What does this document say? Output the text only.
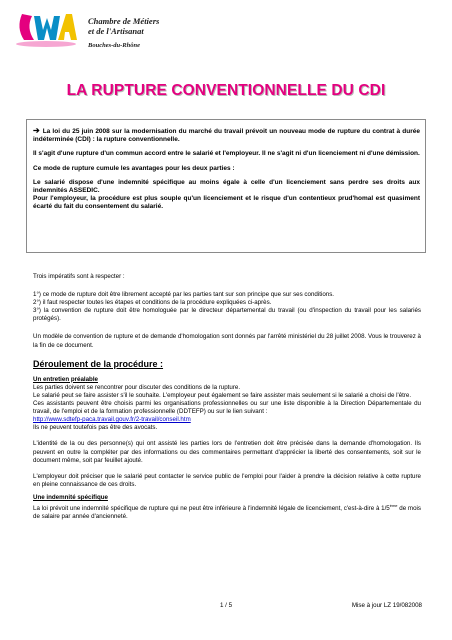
Chambre de Métiers
et de l'Artisanat
Bouches-du-Rhône
LA RUPTURE CONVENTIONNELLE DU CDI

➔ La loi du 25 juin 2008 sur la modernisation du marché du travail prévoit un nouveau mode de rupture du contrat à durée indéterminée (CDI) : la rupture conventionnelle.

Il s'agit d'une rupture d'un commun accord entre le salarié et l'employeur. Il ne s'agit ni d'un licenciement ni d'une démission.

Ce mode de rupture cumule les avantages pour les deux parties :

Le salarié dispose d'une indemnité spécifique au moins égale à celle d'un licenciement sans perdre ses droits aux indemnités ASSEDIC.

Pour l'employeur, la procédure est plus souple qu'un licenciement et le risque d'un contentieux prud'homal est quasiment écarté du fait du consentement du salarié.

Trois impératifs sont à respecter :

1°) ce mode de rupture doit être librement accepté par les parties tant sur son principe que sur ses conditions.

2°) il faut respecter toutes les étapes et conditions de la procédure expliquées ci-après.

3°) la convention de rupture doit être homologuée par le directeur départemental du travail (ou d'inspection du travail pour les salariés protégés).

Un modèle de convention de rupture et de demande d'homologation sont donnés par l'arrêté ministériel du 28 juillet 2008. Vous le trouverez à la fin de ce document.

Déroulement de la procédure :

Un entretien préalable
Les parties doivent se rencontrer pour discuter des conditions de la rupture.
Le salarié peut se faire assister s'il le souhaite. L'employeur peut également se faire assister mais seulement si le salarié a choisi de l'être.
Ces assistants peuvent être choisis parmi les organisations professionnelles ou sur une liste disponible à la Direction Départementale du travail, de l'emploi et de la formation professionnelle (DDTEFP) ou sur le lien suivant :
http://www.sdtefp-paca.travail.gouv.fr/2-travail/conseil.htm
Ils ne peuvent toutefois pas être des avocats.

L'identité de la ou des personne(s) qui ont assisté les parties lors de l'entretien doit être précisée dans la demande d'homologation. Ils peuvent en outre la compléter par des informations ou des commentaires permettant d'apprécier la liberté des consentements, soit sur le document même, soit par feuillet ajouté.

L'employeur doit préciser que le salarié peut contacter le service public de l'emploi pour l'aider à prendre la décision relative à cette rupture en pleine connaissance de ces droits.

Une indemnité spécifique
La loi prévoit une indemnité spécifique de rupture qui ne peut être inférieure à l'indemnité légale de licenciement, c'est-à-dire à 1/5ème de mois de salaire par année d'ancienneté.

1 / 5	Mise à jour LZ 19/082008
